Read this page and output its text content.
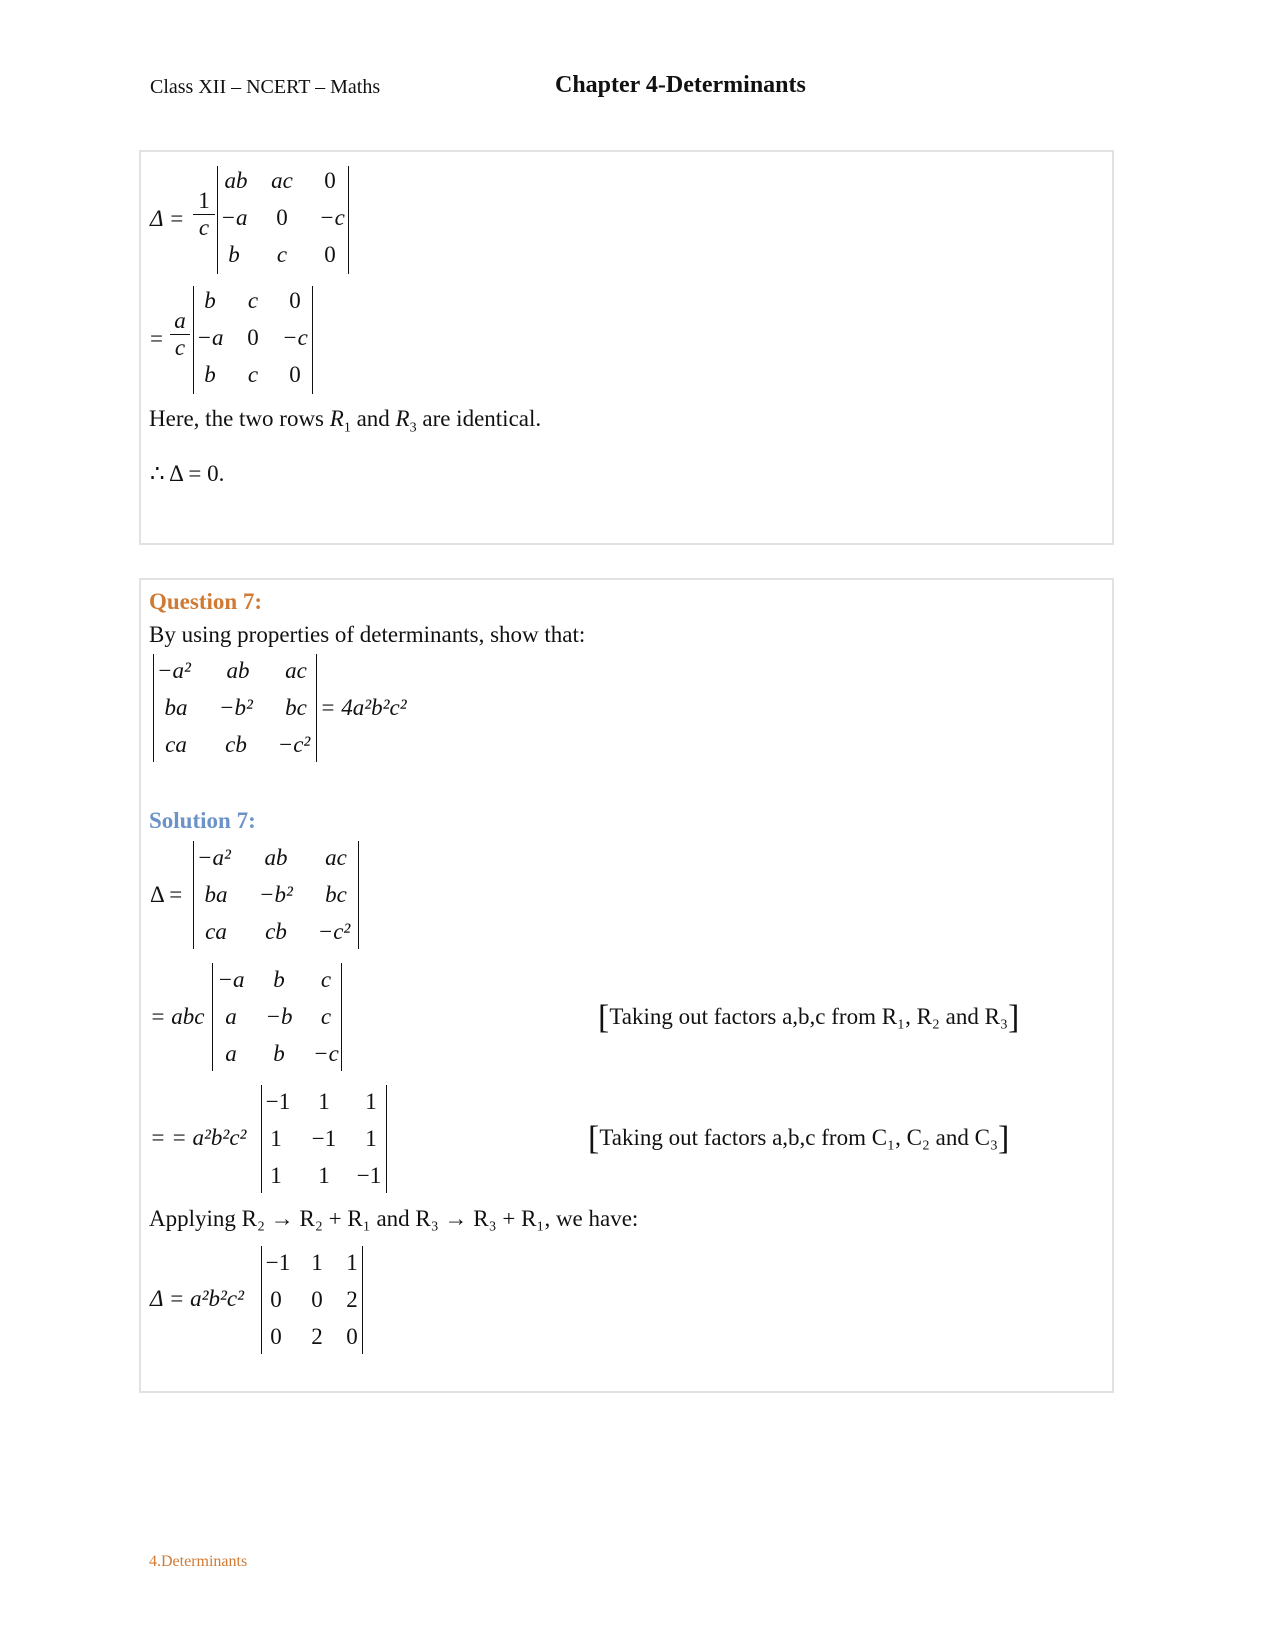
Class XII – NCERT – Maths	Chapter 4-Determinants
$\Delta = \frac{1}{c}$
ab	ac	0
−a	0	−c
b	c	0
= $\frac{a}{c}$
b	c	0
−a	0	−c
b	c	0
Here, the two rows $R_1$ and $R_3$ are identical.
∴ Δ = 0.
Question 7:
By using properties of determinants, show that:
−a²	ab	ac
ba	−b²	bc
ca	cb	−c²
= 4a²b²c²
Solution 7:
Δ =
−a²	ab	ac
ba	−b²	bc
ca	cb	−c²
= abc
−a	b	c
a	−b	c
a	b	−c
[Taking out factors a,b,c from R₁, R₂ and R₃]
= = a²b²c²
−1	1	1
1	−1	1
1	1	−1
[Taking out factors a,b,c from C₁, C₂ and C₃]
Applying R₂ → R₂ + R₁ and R₃ → R₃ + R₁, we have:
Δ = a²b²c²
−1 1	1
0	0	2
0	2	0
4.Determinants
